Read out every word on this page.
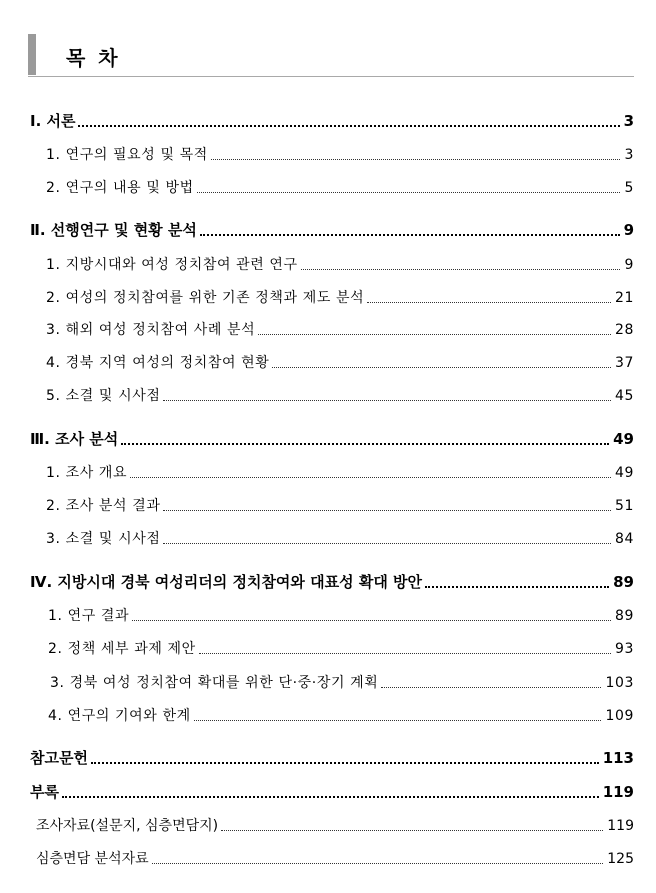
목 차
Ⅰ. 서론	3
1. 연구의 필요성 및 목적	3
2. 연구의 내용 및 방법	5
Ⅱ. 선행연구 및 현황 분석	9
1. 지방시대와 여성 정치참여 관련 연구	9
2. 여성의 정치참여를 위한 기존 정책과 제도 분석	21
3. 해외 여성 정치참여 사례 분석	28
4. 경북 지역 여성의 정치참여 현황	37
5. 소결 및 시사점	45
Ⅲ. 조사 분석	49
1. 조사 개요	49
2. 조사 분석 결과	51
3. 소결 및 시사점	84
Ⅳ. 지방시대 경북 여성리더의 정치참여와 대표성 확대 방안	89
1. 연구 결과	89
2. 정책 세부 과제 제안	93
3. 경북 여성 정치참여 확대를 위한 단·중·장기 계획	103
4. 연구의 기여와 한계	109
참고문헌	113
부록	119
조사자료(설문지, 심층면담지)	119
심층면담 분석자료	125
